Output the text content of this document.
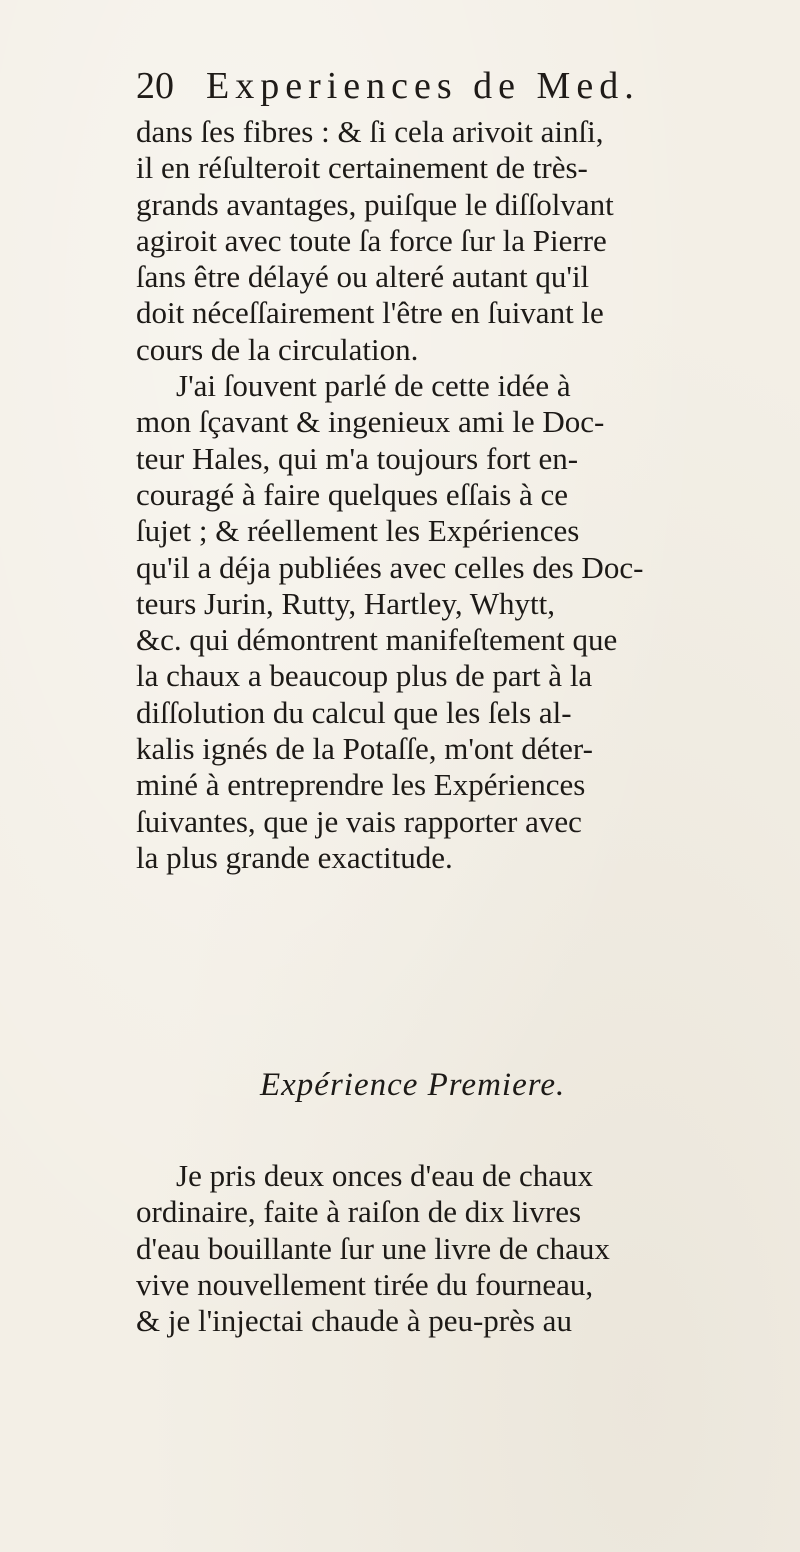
20 Experiences de Med.
dans ſes fibres : & ſi cela arivoit ainſi,
il en réſulteroit certainement de très-
grands avantages, puiſque le diſſolvant
agiroit avec toute ſa force ſur la Pierre
ſans être délayé ou alteré autant qu'il
doit néceſſairement l'être en ſuivant le
cours de la circulation.
J'ai ſouvent parlé de cette idée à
mon ſçavant & ingenieux ami le Doc-
teur Hales, qui m'a toujours fort en-
couragé à faire quelques eſſais à ce
ſujet ; & réellement les Expériences
qu'il a déja publiées avec celles des Doc-
teurs Jurin, Rutty, Hartley, Whytt,
&c. qui démontrent manifeſtement que
la chaux a beaucoup plus de part à la
diſſolution du calcul que les ſels al-
kalis ignés de la Potaſſe, m'ont déter-
miné à entreprendre les Expériences
ſuivantes, que je vais rapporter avec
la plus grande exactitude.
Expérience Premiere.
Je pris deux onces d'eau de chaux
ordinaire, faite à raiſon de dix livres
d'eau bouillante ſur une livre de chaux
vive nouvellement tirée du fourneau,
& je l'injectai chaude à peu-près au
